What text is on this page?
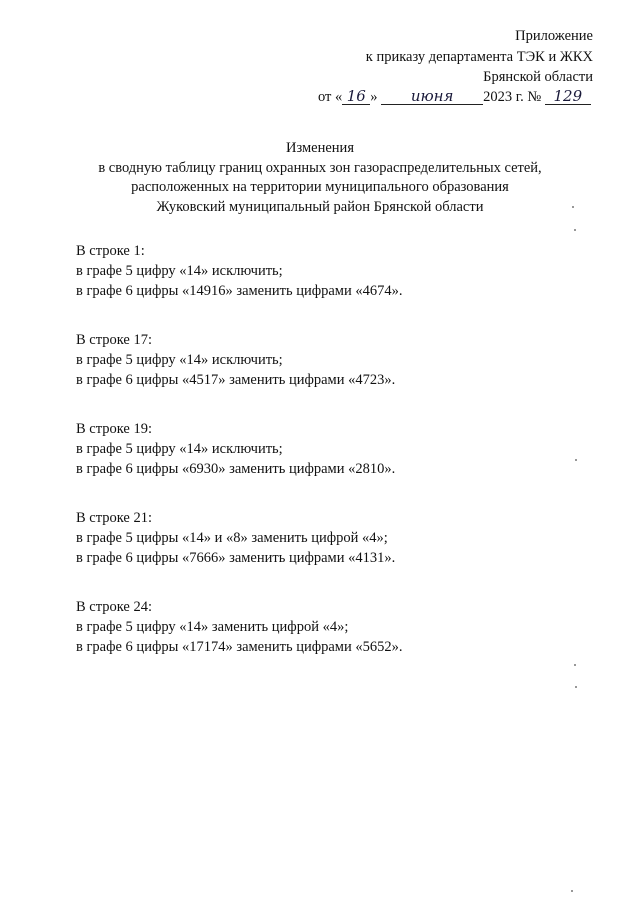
Приложение
к приказу департамента ТЭК и ЖКХ
Брянской области
от « 16 » июня 2023 г. № 129
Изменения
в сводную таблицу границ охранных зон газораспределительных сетей,
расположенных на территории муниципального образования
Жуковский муниципальный район Брянской области

В строке 1:

в графе 5 цифру «14» исключить;

в графе 6 цифры «14916» заменить цифрами «4674».

В строке 17:

в графе 5 цифру «14» исключить;

в графе 6 цифры «4517» заменить цифрами «4723».

В строке 19:

в графе 5 цифру «14» исключить;

в графе 6 цифры «6930» заменить цифрами «2810».

В строке 21:

в графе 5 цифры «14» и «8» заменить цифрой «4»;

в графе 6 цифры «7666» заменить цифрами «4131».

В строке 24:

в графе 5 цифру «14» заменить цифрой «4»;

в графе 6 цифры «17174» заменить цифрами «5652».
